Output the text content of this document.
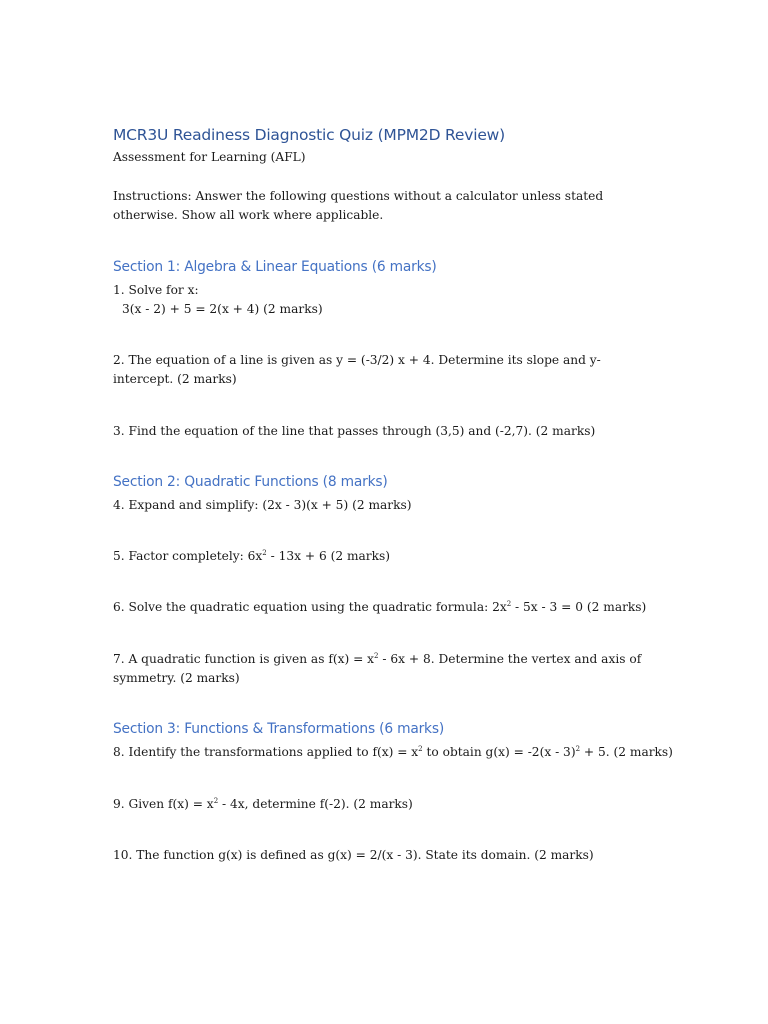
MCR3U Readiness Diagnostic Quiz (MPM2D Review)

Assessment for Learning (AFL)

Instructions: Answer the following questions without a calculator unless stated otherwise. Show all work where applicable.

Section 1: Algebra & Linear Equations (6 marks)

1. Solve for x:

3(x - 2) + 5 = 2(x + 4) (2 marks)

2. The equation of a line is given as y = (-3/2) x + 4. Determine its slope and y-intercept. (2 marks)

3. Find the equation of the line that passes through (3,5) and (-2,7). (2 marks)

Section 2: Quadratic Functions (8 marks)

4. Expand and simplify: (2x - 3)(x + 5) (2 marks)

5. Factor completely: $6x^2 - 13x + 6$ (2 marks)

6. Solve the quadratic equation using the quadratic formula: $2x^2 - 5x - 3 = 0$ (2 marks)

7. A quadratic function is given as $f(x) = x^2 - 6x + 8$. Determine the vertex and axis of symmetry. (2 marks)

Section 3: Functions & Transformations (6 marks)

8. Identify the transformations applied to $f(x) = x^2$ to obtain g(x) = -2(x - 3)$^2$ + 5. (2 marks)

9. Given $f(x) = x^2 - 4x$, determine f(-2). (2 marks)

10. The function g(x) is defined as g(x) = 2/(x - 3). State its domain. (2 marks)
